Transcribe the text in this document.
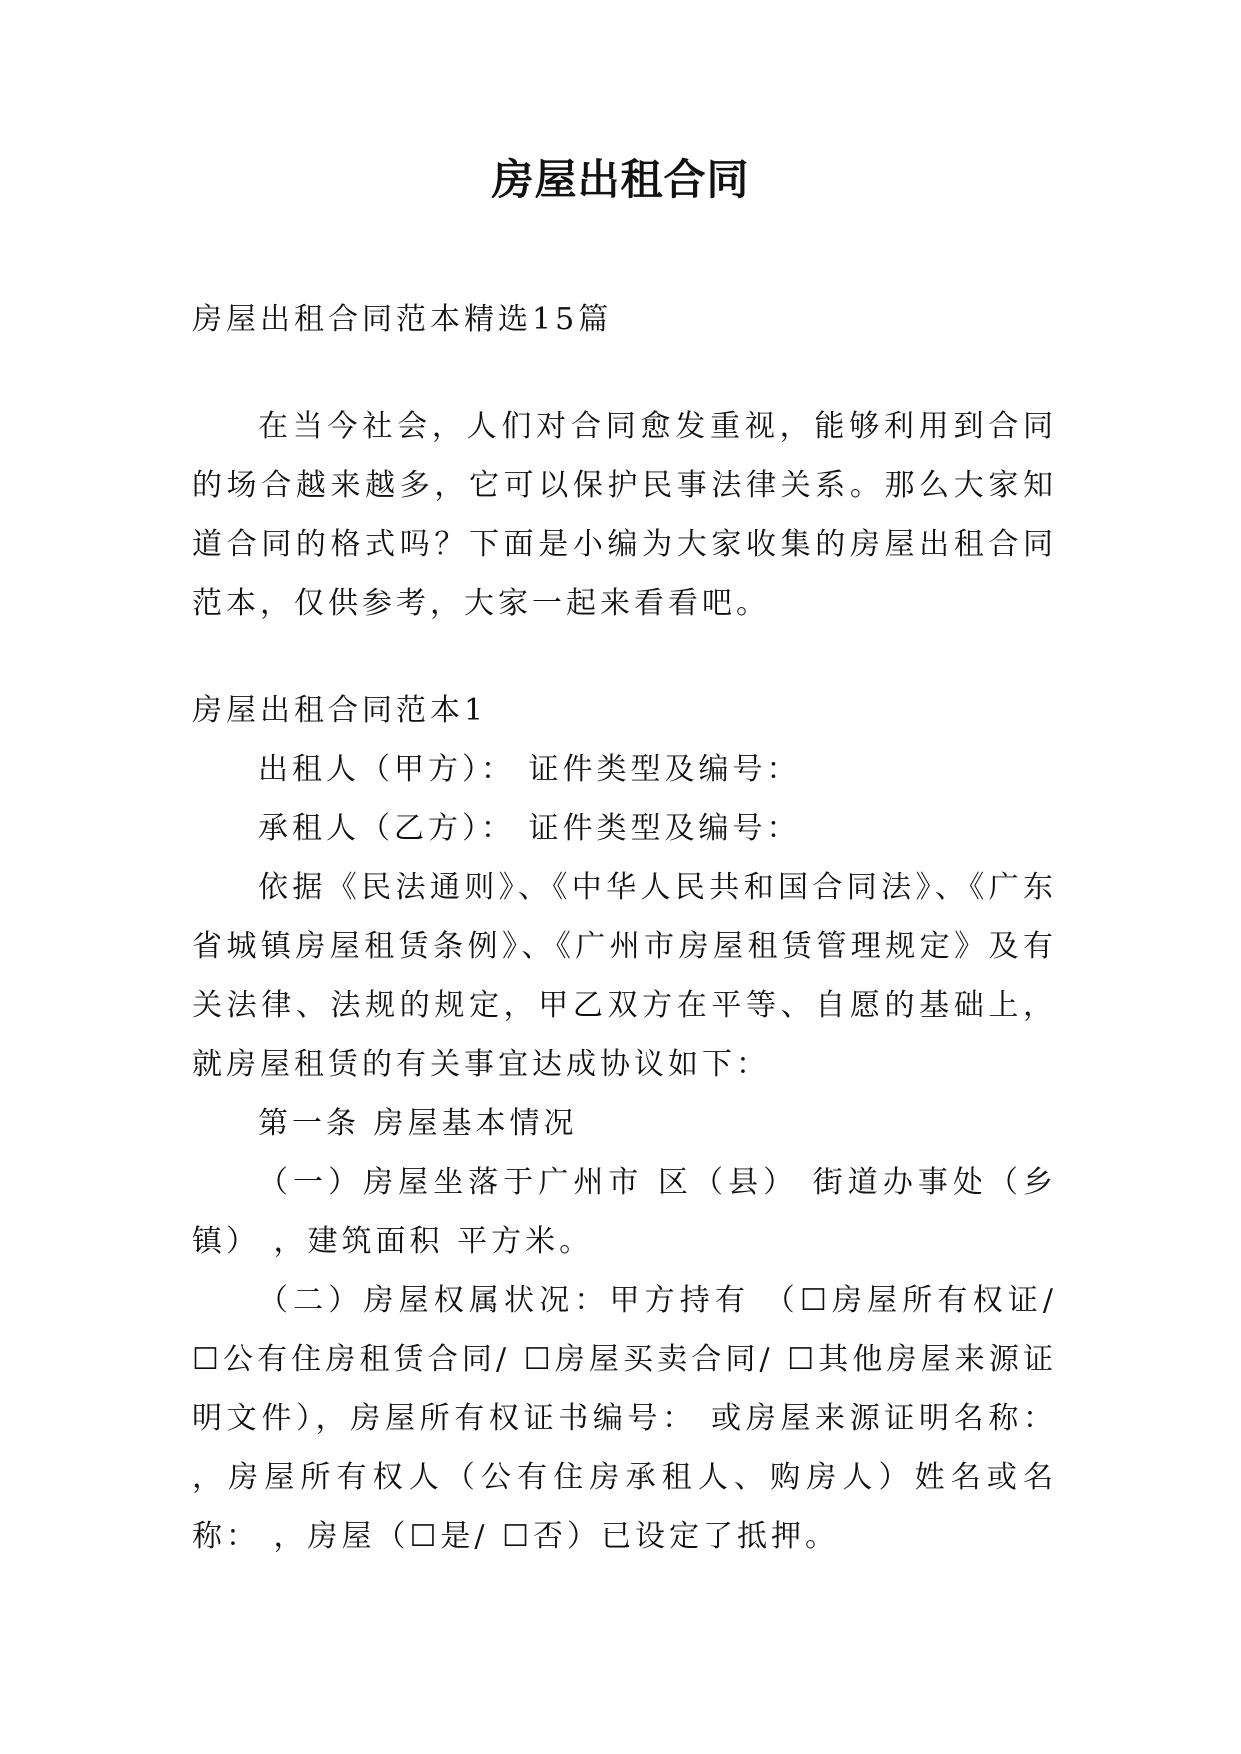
房屋出租合同

房屋出租合同范本精选15篇

在当今社会，人们对合同愈发重视，能够利用到合同的场合越来越多，它可以保护民事法律关系。那么大家知道合同的格式吗？下面是小编为大家收集的房屋出租合同范本，仅供参考，大家一起来看看吧。

房屋出租合同范本1

出租人（甲方）： 证件类型及编号：

承租人（乙方）： 证件类型及编号：

依据《民法通则》、《中华人民共和国合同法》、《广东省城镇房屋租赁条例》、《广州市房屋租赁管理规定》及有关法律、法规的规定，甲乙双方在平等、自愿的基础上，就房屋租赁的有关事宜达成协议如下：

第一条 房屋基本情况

（一）房屋坐落于广州市 区（县） 街道办事处（乡镇） ，建筑面积 平方米。

（二）房屋权属状况：甲方持有 （☐房屋所有权证/ ☐公有住房租赁合同/ ☐房屋买卖合同/ ☐其他房屋来源证明文件），房屋所有权证书编号： 或房屋来源证明名称： ，房屋所有权人（公有住房承租人、购房人）姓名或名称： ，房屋（☐是/ ☐否）已设定了抵押。
